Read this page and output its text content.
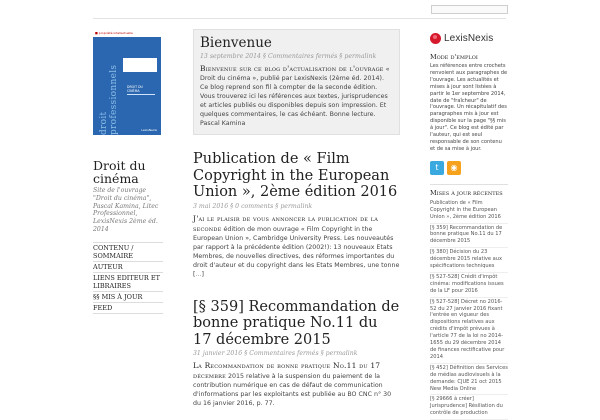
■ propriété intellectuelle
droit professionnels	DROIT DU CINÉMA
LexisNexis
Droit du cinéma
Site de l'ouvrage "Droit du cinéma", Pascal Kamina, Litec Professionnel, LexisNexis 2ème éd. 2014
CONTENU / SOMMAIRE
AUTEUR
LIENS EDITEUR ET LIBRAIRES
§§ MIS À JOUR
FEED
Bienvenue
13 septembre 2014 § Commentaires fermés § permalink
Bienvenue sur ce blog d'actualisation de l'ouvrage « Droit du cinéma », publié par LexisNexis (2ème éd. 2014). Ce blog reprend son fil à compter de la seconde édition. Vous trouverez ici les références aux textes, jurisprudences et articles publiés ou disponibles depuis son impression. Et quelques commentaires, le cas échéant. Bonne lecture. Pascal Kamina
Publication de « Film Copyright in the European Union », 2ème édition 2016
3 mai 2016 § 0 comments § permalink
J'ai le plaisir de vous annoncer la publication de la seconde édition de mon ouvrage « Film Copyright in the European Union », Cambridge University Press. Les nouveautés par rapport à la précédente édition (2002!): 13 nouveaux Etats Membres, de nouvelles directives, des réformes importantes du droit d'auteur et du copyright dans les Etats Membres, une tonne […]
[§ 359] Recommandation de bonne pratique No.11 du 17 décembre 2015
31 janvier 2016 § Commentaires fermés § permalink
La Recommandation de bonne pratique No.11 du 17 décembre 2015 relative à la suspension du paiement de la contribution numérique en cas de défaut de communication d'informations par les exploitants est publiée au BO CNC n° 30 du 16 janvier 2016, p. 77.
LexisNexis
Mode d'emploi
Les références entre crochets renvoient aux paragraphes de l'ouvrage. Les actualités et mises à jour sont listées à partir le 1er septembre 2014, date de "fraîcheur" de l'ouvrage. Un récapitulatif des paragraphes mis à jour est disponible sur la page "§§ mis à jour". Ce blog est édité par l'auteur, qui est seul responsable de son contenu et de sa mise à jour.
t	◉
Mises à jour récentes
Publication de « Film Copyright in the European Union », 2ème édition 2016
[§ 359] Recommandation de bonne pratique No.11 du 17 décembre 2015
[§ 380] Décision du 23 décembre 2015 relative aux spécifications techniques
[§ 527-528] Crédit d'impôt cinéma: modifications issues de la LF pour 2016
[§ 527-528] Décret no 2016-52 du 27 janvier 2016 fixant l'entrée en vigueur des dispositions relatives aux crédits d'impôt prévues à l'article 77 de la loi no 2014-1655 du 29 décembre 2014 de finances rectificative pour 2014
[§ 452] Définition des Services de médias audiovisuels à la demande: CJUE 21 oct 2015 New Media Online
[§ 29666 à créer] Jurisprudence] Résiliation du contrôle de production
